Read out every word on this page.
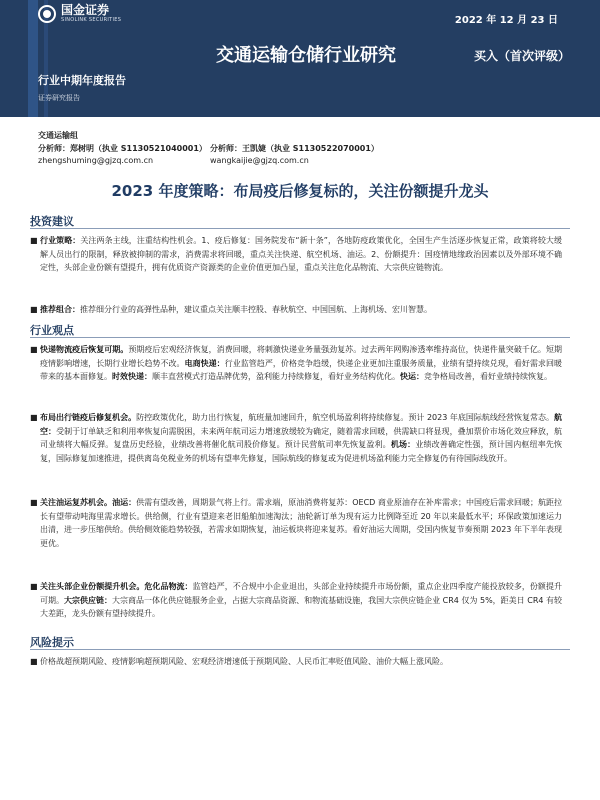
国金证券
SINOLINK SECURITIES	2022 年 12 月 23 日
交通运输仓储行业研究	买入（首次评级）
行业中期年度报告
证券研究报告
交通运输组
分析师：郑树明（执业 S1130521040001）
zhengshuming@gjzq.com.cn
分析师：王凯婕（执业 S1130522070001）
wangkaijie@gjzq.com.cn
2023 年度策略：布局疫后修复标的，关注份额提升龙头
投资建议
■ 行业策略：关注两条主线，注重结构性机会。1、疫后修复：国务院发布“新十条”，各地防疫政策优化，全国生产生活逐步恢复正常，政策将较大缓解人员出行的限制，释放被抑制的需求，消费需求将回暖，重点关注快递、航空机场、油运。2、份额提升：国疫情地缘政治因素以及外部环境不确定性，头部企业份额有望提升，拥有优质资产资源类的企业价值更加凸显，重点关注危化品物流、大宗供应链物流。
■ 推荐组合：推荐细分行业的高弹性品种，建议重点关注顺丰控股、春秋航空、中国国航、上海机场、宏川智慧。
行业观点
■ 快递物流疫后恢复可期。预期疫后宏观经济恢复，消费回暖，将刺激快递业务量强劲复苏。过去两年网购渗透率维持高位，快递件量突破千亿。短期疫情影响增速，长期行业增长趋势不改。电商快递：行业监管趋严，价格竞争趋缓，快递企业更加注重服务质量，业绩有望持续兑现，看好需求回暖带来的基本面修复。时效快递：顺丰直营模式打造品牌优势，盈利能力持续修复，看好业务结构优化。快运：竞争格局改善，看好业绩持续恢复。
■ 布局出行链疫后修复机会。防控政策优化，助力出行恢复，航班量加速回升，航空机场盈利将持续修复。预计 2023 年底国际航线经营恢复常态。航空：受制于订单缺乏和利用率恢复向需脱困，未来两年航司运力增速放缓较为确定，随着需求回暖，供需缺口将显现，叠加票价市场化效应释放，航司业绩将大幅反弹。复盘历史经验，业绩改善将催化航司股价修复。预计民营航司率先恢复盈利。机场：业绩改善确定性强，预计国内枢纽率先恢复，国际修复加速推进，提供离岛免税业务的机场有望率先修复，国际航线的修复或为促进机场盈利能力完全修复仍有待国际线放开。
■ 关注油运复苏机会。油运：供需有望改善，周期景气将上行。需求端，原油消费将复苏：OECD 商业原油存在补库需求；中国疫后需求回暖；航距拉长有望带动吨海里需求增长。供给侧，行业有望迎来老旧船舶加速淘汰；油轮新订单为现有运力比例降至近 20 年以来最低水平；环保政策加速运力出清，进一步压缩供给。供给侧效能趋势较强，若需求如期恢复，油运板块将迎来复苏。看好油运大周期，受国内恢复节奏预期 2023 年下半年表现更优。
■ 关注头部企业份额提升机会。危化品物流：监管趋严，不合规中小企业退出，头部企业持续提升市场份额，重点企业四季度产能投放较多，份额提升可期。大宗供应链：大宗商品一体化供应链服务企业，占据大宗商品资源、和物流基础设施，我国大宗供应链企业 CR4 仅为 5%，距美日 CR4 有较大差距，龙头份额有望持续提升。
风险提示
■ 价格战超预期风险、疫情影响超预期风险、宏观经济增速低于预期风险、人民币汇率贬值风险、油价大幅上涨风险。
